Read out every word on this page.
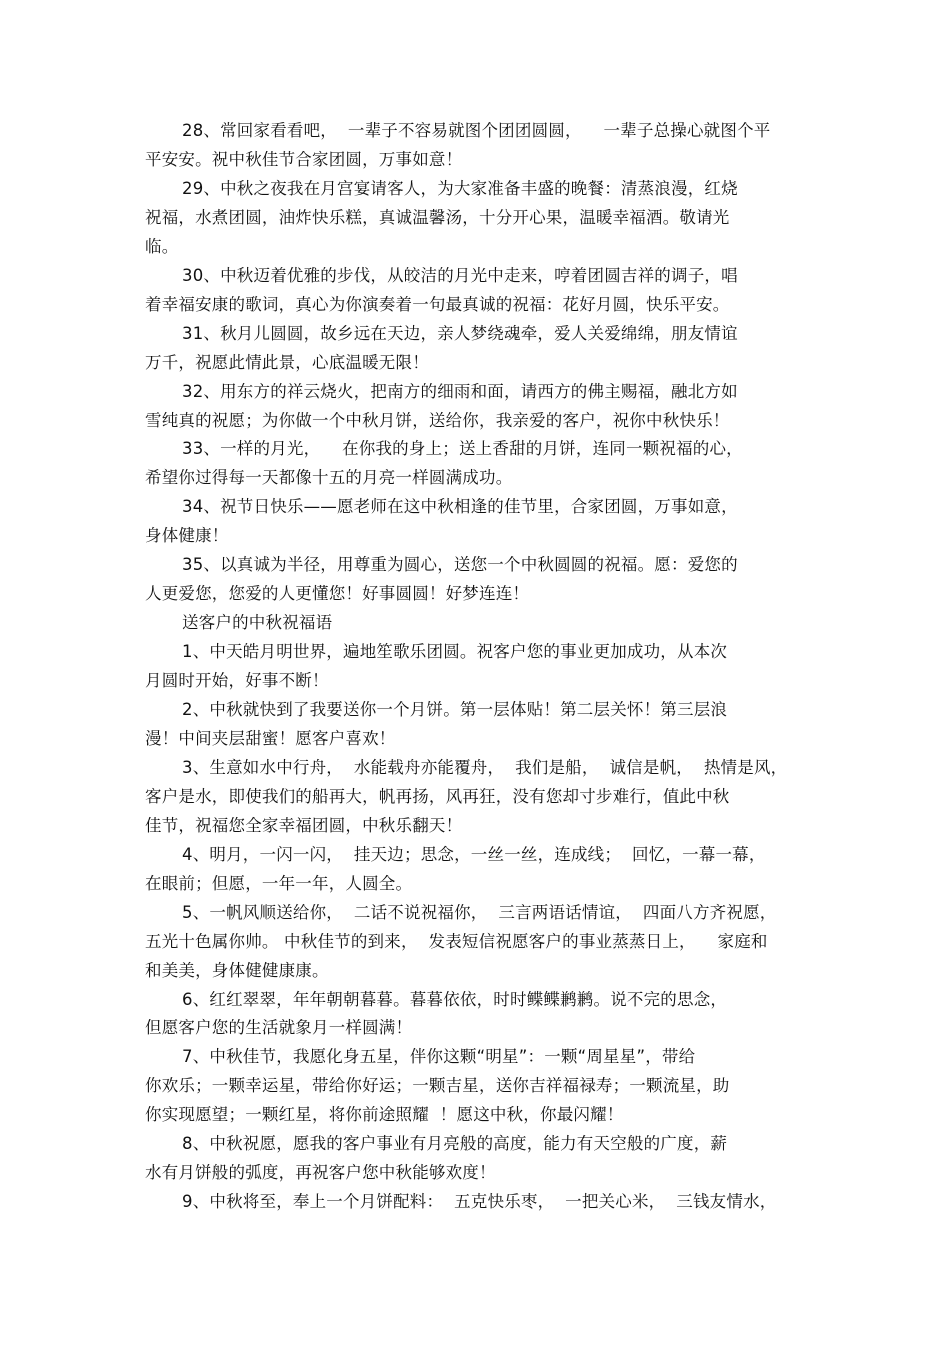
28、常回家看看吧，  一辈子不容易就图个团团圆圆，    一辈子总操心就图个平
平安安。祝中秋佳节合家团圆，万事如意！
29、中秋之夜我在月宫宴请客人，为大家准备丰盛的晚餐：清蒸浪漫，红烧
祝福，水煮团圆，油炸快乐糕，真诚温馨汤，十分开心果，温暖幸福酒。敬请光
临。
30、中秋迈着优雅的步伐，从皎洁的月光中走来，哼着团圆吉祥的调子，唱
着幸福安康的歌词，真心为你演奏着一句最真诚的祝福：花好月圆，快乐平安。
31、秋月儿圆圆，故乡远在天边，亲人梦绕魂牵，爱人关爱绵绵，朋友情谊
万千，祝愿此情此景，心底温暖无限！
32、用东方的祥云烧火，把南方的细雨和面，请西方的佛主赐福，融北方如
雪纯真的祝愿；为你做一个中秋月饼，送给你，我亲爱的客户，祝你中秋快乐！
33、一样的月光，    在你我的身上；送上香甜的月饼，连同一颗祝福的心，
希望你过得每一天都像十五的月亮一样圆满成功。
34、祝节日快乐——愿老师在这中秋相逢的佳节里，合家团圆，万事如意，
身体健康！
35、以真诚为半径，用尊重为圆心，送您一个中秋圆圆的祝福。愿：爱您的
人更爱您，您爱的人更懂您！好事圆圆！好梦连连！
送客户的中秋祝福语
1、中天皓月明世界，遍地笙歌乐团圆。祝客户您的事业更加成功，从本次
月圆时开始，好事不断！
2、中秋就快到了我要送你一个月饼。第一层体贴！第二层关怀！第三层浪
漫！中间夹层甜蜜！愿客户喜欢！
3、生意如水中行舟，  水能载舟亦能覆舟，  我们是船，  诚信是帆，  热情是风，
客户是水，即使我们的船再大，帆再扬，风再狂，没有您却寸步难行，值此中秋
佳节，祝福您全家幸福团圆，中秋乐翻天！
4、明月，一闪一闪，  挂天边；思念，一丝一丝，连成线；  回忆，一幕一幕，
在眼前；但愿，一年一年，人圆全。
5、一帆风顺送给你，  二话不说祝福你，  三言两语话情谊，  四面八方齐祝愿，
五光十色属你帅。 中秋佳节的到来，  发表短信祝愿客户的事业蒸蒸日上，    家庭和
和美美，身体健健康康。
6、红红翠翠，年年朝朝暮暮。暮暮依依，时时鲽鲽鹣鹣。说不完的思念，
但愿客户您的生活就象月一样圆满！
7、中秋佳节，我愿化身五星，伴你这颗“明星”：一颗“周星星”，带给
你欢乐；一颗幸运星，带给你好运；一颗吉星，送你吉祥福禄寿；一颗流星，助
你实现愿望；一颗红星，将你前途照耀  ！愿这中秋，你最闪耀！
8、中秋祝愿，愿我的客户事业有月亮般的高度，能力有天空般的广度，薪
水有月饼般的弧度，再祝客户您中秋能够欢度！
9、中秋将至，奉上一个月饼配料：  五克快乐枣，  一把关心米，  三钱友情水，
